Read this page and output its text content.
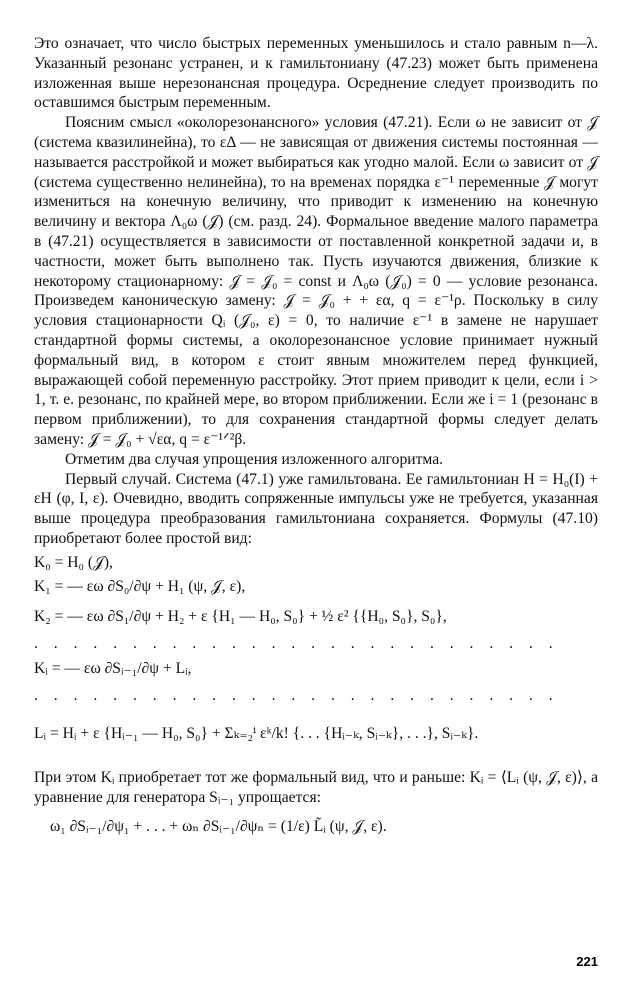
Это означает, что число быстрых переменных уменьшилось и стало равным n—λ. Указанный резонанс устранен, и к гамильтониану (47.23) может быть применена изложенная выше нерезонансная процедура. Осреднение следует производить по оставшимся быстрым переменным.

Поясним смысл «околорезонансного» условия (47.21). Если ω не зависит от 𝒥 (система квазилинейна), то εΔ — не зависящая от движения системы постоянная — называется расстройкой и может выбираться как угодно малой. Если ω зависит от 𝒥 (система существенно нелинейна), то на временах порядка ε⁻¹ переменные 𝒥 могут измениться на конечную величину, что приводит к изменению на конечную величину и вектора Λ₀ω (𝒥) (см. разд. 24). Формальное введение малого параметра в (47.21) осуществляется в зависимости от поставленной конкретной задачи и, в частности, может быть выполнено так. Пусть изучаются движения, близкие к некоторому стационарному: 𝒥 = 𝒥₀ = const и Λ₀ω (𝒥₀) = 0 — условие резонанса. Произведем каноническую замену: 𝒥 = 𝒥₀ + + εα, q = ε⁻¹ρ. Поскольку в силу условия стационарности Qᵢ (𝒥₀, ε) = 0, то наличие ε⁻¹ в замене не нарушает стандартной формы системы, а околорезонансное условие принимает нужный формальный вид, в котором ε стоит явным множителем перед функцией, выражающей собой переменную расстройку. Этот прием приводит к цели, если i > 1, т. е. резонанс, по крайней мере, во втором приближении. Если же i = 1 (резонанс в первом приближении), то для сохранения стандартной формы следует делать замену: 𝒥 = 𝒥₀ + √εα, q = ε⁻¹ᐟ²β.

Отметим два случая упрощения изложенного алгоритма.

Первый случай. Система (47.1) уже гамильтована. Ее гамильтониан H = H₀(I) + εH (φ, I, ε). Очевидно, вводить сопряженные импульсы уже не требуется, указанная выше процедура преобразования гамильтониана сохраняется. Формулы (47.10) приобретают более простой вид:

K₀ = H₀ (𝒥),
K₁ = — εω ∂S₀/∂ψ + H₁ (ψ, 𝒥, ε),
K₂ = — εω ∂S₁/∂ψ + H₂ + ε {H₁ — H₀, S₀} + ½ ε² {{H₀, S₀}, S₀},
. . . . . . . . . . . . . . . . . . . . . . . . . . .
Kᵢ = — εω ∂Sᵢ₋₁/∂ψ + Lᵢ,
. . . . . . . . . . . . . . . . . . . . . . . . . . .
Lᵢ = Hᵢ + ε {Hᵢ₋₁ — H₀, S₀} + Σₖ₌₂ⁱ εᵏ/k! {. . . {Hᵢ₋ₖ, Sᵢ₋ₖ}, . . .}, Sᵢ₋ₖ}.

При этом Kᵢ приобретает тот же формальный вид, что и раньше: Kᵢ = ⟨Lᵢ (ψ, 𝒥, ε)⟩, а уравнение для генератора Sᵢ₋₁ упрощается:

ω₁ ∂Sᵢ₋₁/∂ψ₁ + . . . + ωₙ ∂Sᵢ₋₁/∂ψₙ = (1/ε) L̃ᵢ (ψ, 𝒥, ε).
221
